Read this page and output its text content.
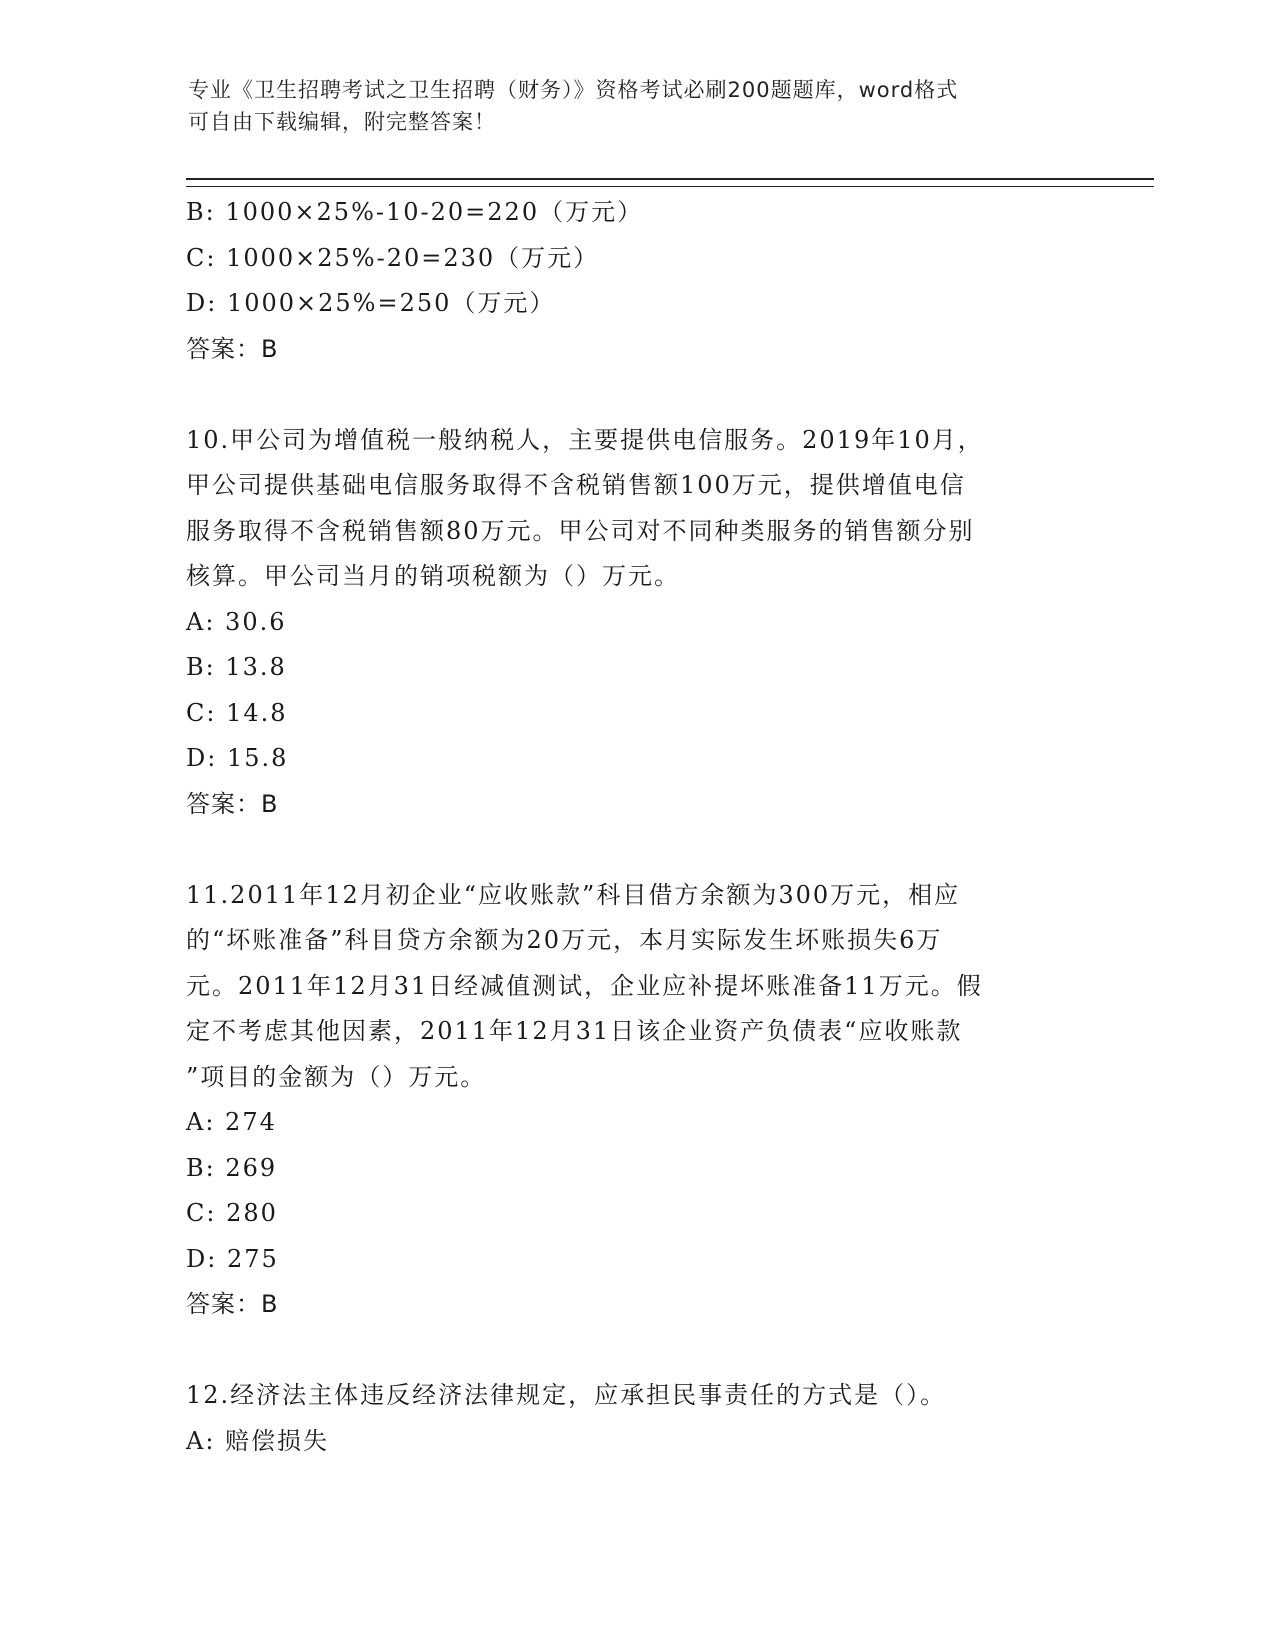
专业《卫生招聘考试之卫生招聘（财务）》资格考试必刷200题题库，word格式
可自由下载编辑，附完整答案！
B: 1000×25%-10-20=220（万元）
C: 1000×25%-20=230（万元）
D: 1000×25%=250（万元）
答案：B
10.甲公司为增值税一般纳税人，主要提供电信服务。2019年10月，
甲公司提供基础电信服务取得不含税销售额100万元，提供增值电信
服务取得不含税销售额80万元。甲公司对不同种类服务的销售额分别
核算。甲公司当月的销项税额为（）万元。
A: 30.6
B: 13.8
C: 14.8
D: 15.8
答案：B
11.2011年12月初企业“应收账款”科目借方余额为300万元，相应
的“坏账准备”科目贷方余额为20万元，本月实际发生坏账损失6万
元。2011年12月31日经减值测试，企业应补提坏账准备11万元。假
定不考虑其他因素，2011年12月31日该企业资产负债表“应收账款
”项目的金额为（）万元。
A: 274
B: 269
C: 280
D: 275
答案：B
12.经济法主体违反经济法律规定，应承担民事责任的方式是（）。
A: 赔偿损失
